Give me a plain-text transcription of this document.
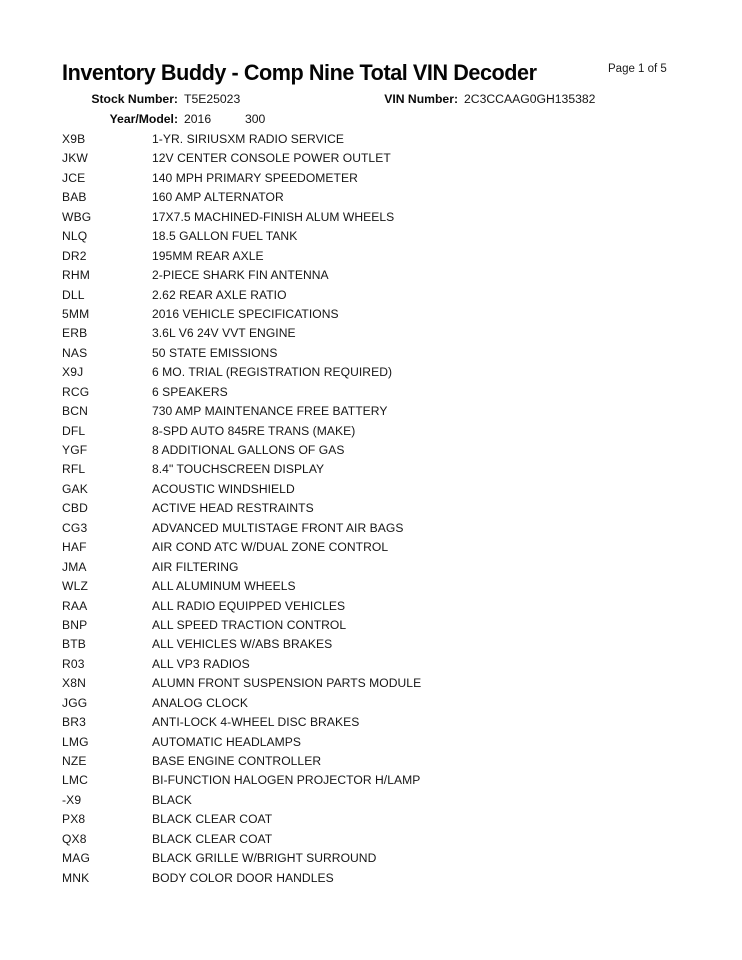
Inventory Buddy - Comp Nine Total VIN Decoder	Page 1 of 5
Stock Number: T5E25023	VIN Number: 2C3CCAAG0GH135382
Year/Model: 2016	300
X9B	1-YR. SIRIUSXM RADIO SERVICE
JKW	12V CENTER CONSOLE POWER OUTLET
JCE	140 MPH PRIMARY SPEEDOMETER
BAB	160 AMP ALTERNATOR
WBG	17X7.5 MACHINED-FINISH ALUM WHEELS
NLQ	18.5 GALLON FUEL TANK
DR2	195MM REAR AXLE
RHM	2-PIECE SHARK FIN ANTENNA
DLL	2.62 REAR AXLE RATIO
5MM	2016 VEHICLE SPECIFICATIONS
ERB	3.6L V6 24V VVT ENGINE
NAS	50 STATE EMISSIONS
X9J	6 MO. TRIAL (REGISTRATION REQUIRED)
RCG	6 SPEAKERS
BCN	730 AMP MAINTENANCE FREE BATTERY
DFL	8-SPD AUTO 845RE TRANS (MAKE)
YGF	8 ADDITIONAL GALLONS OF GAS
RFL	8.4" TOUCHSCREEN DISPLAY
GAK	ACOUSTIC WINDSHIELD
CBD	ACTIVE HEAD RESTRAINTS
CG3	ADVANCED MULTISTAGE FRONT AIR BAGS
HAF	AIR COND ATC W/DUAL ZONE CONTROL
JMA	AIR FILTERING
WLZ	ALL ALUMINUM WHEELS
RAA	ALL RADIO EQUIPPED VEHICLES
BNP	ALL SPEED TRACTION CONTROL
BTB	ALL VEHICLES W/ABS BRAKES
R03	ALL VP3 RADIOS
X8N	ALUMN FRONT SUSPENSION PARTS MODULE
JGG	ANALOG CLOCK
BR3	ANTI-LOCK 4-WHEEL DISC BRAKES
LMG	AUTOMATIC HEADLAMPS
NZE	BASE ENGINE CONTROLLER
LMC	BI-FUNCTION HALOGEN PROJECTOR H/LAMP
-X9	BLACK
PX8	BLACK CLEAR COAT
QX8	BLACK CLEAR COAT
MAG	BLACK GRILLE W/BRIGHT SURROUND
MNK	BODY COLOR DOOR HANDLES
